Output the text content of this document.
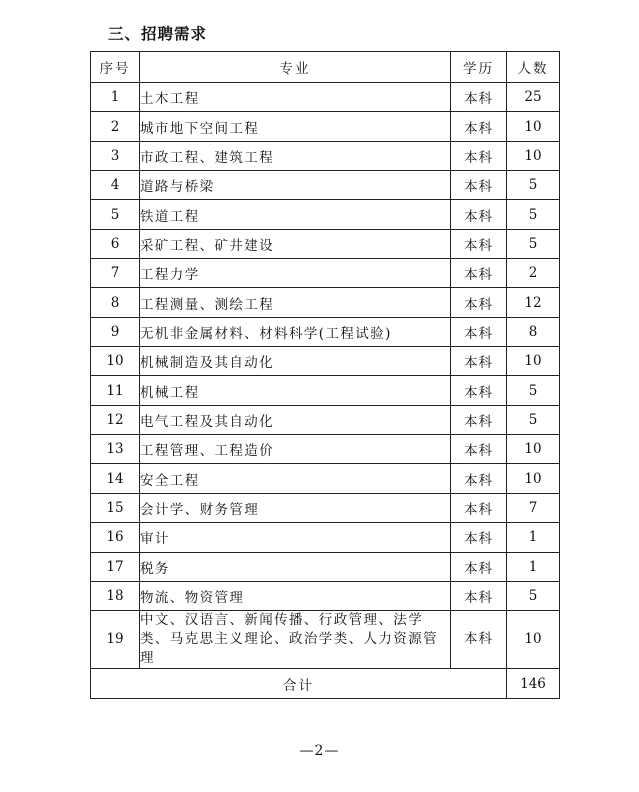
三、招聘需求
序号	专业	学历	人数
1	土木工程	本科	25
2	城市地下空间工程	本科	10
3	市政工程、建筑工程	本科	10
4	道路与桥梁	本科	5
5	铁道工程	本科	5
6	采矿工程、矿井建设	本科	5
7	工程力学	本科	2
8	工程测量、测绘工程	本科	12
9	无机非金属材料、材料科学(工程试验)	本科	8
10	机械制造及其自动化	本科	10
11	机械工程	本科	5
12	电气工程及其自动化	本科	5
13	工程管理、工程造价	本科	10
14	安全工程	本科	10
15	会计学、财务管理	本科	7
16	审计	本科	1
17	税务	本科	1
18	物流、物资管理	本科	5
19	中文、汉语言、新闻传播、行政管理、法学类、马克思主义理论、政治学类、人力资源管理	本科	10
合计			146
—2—
